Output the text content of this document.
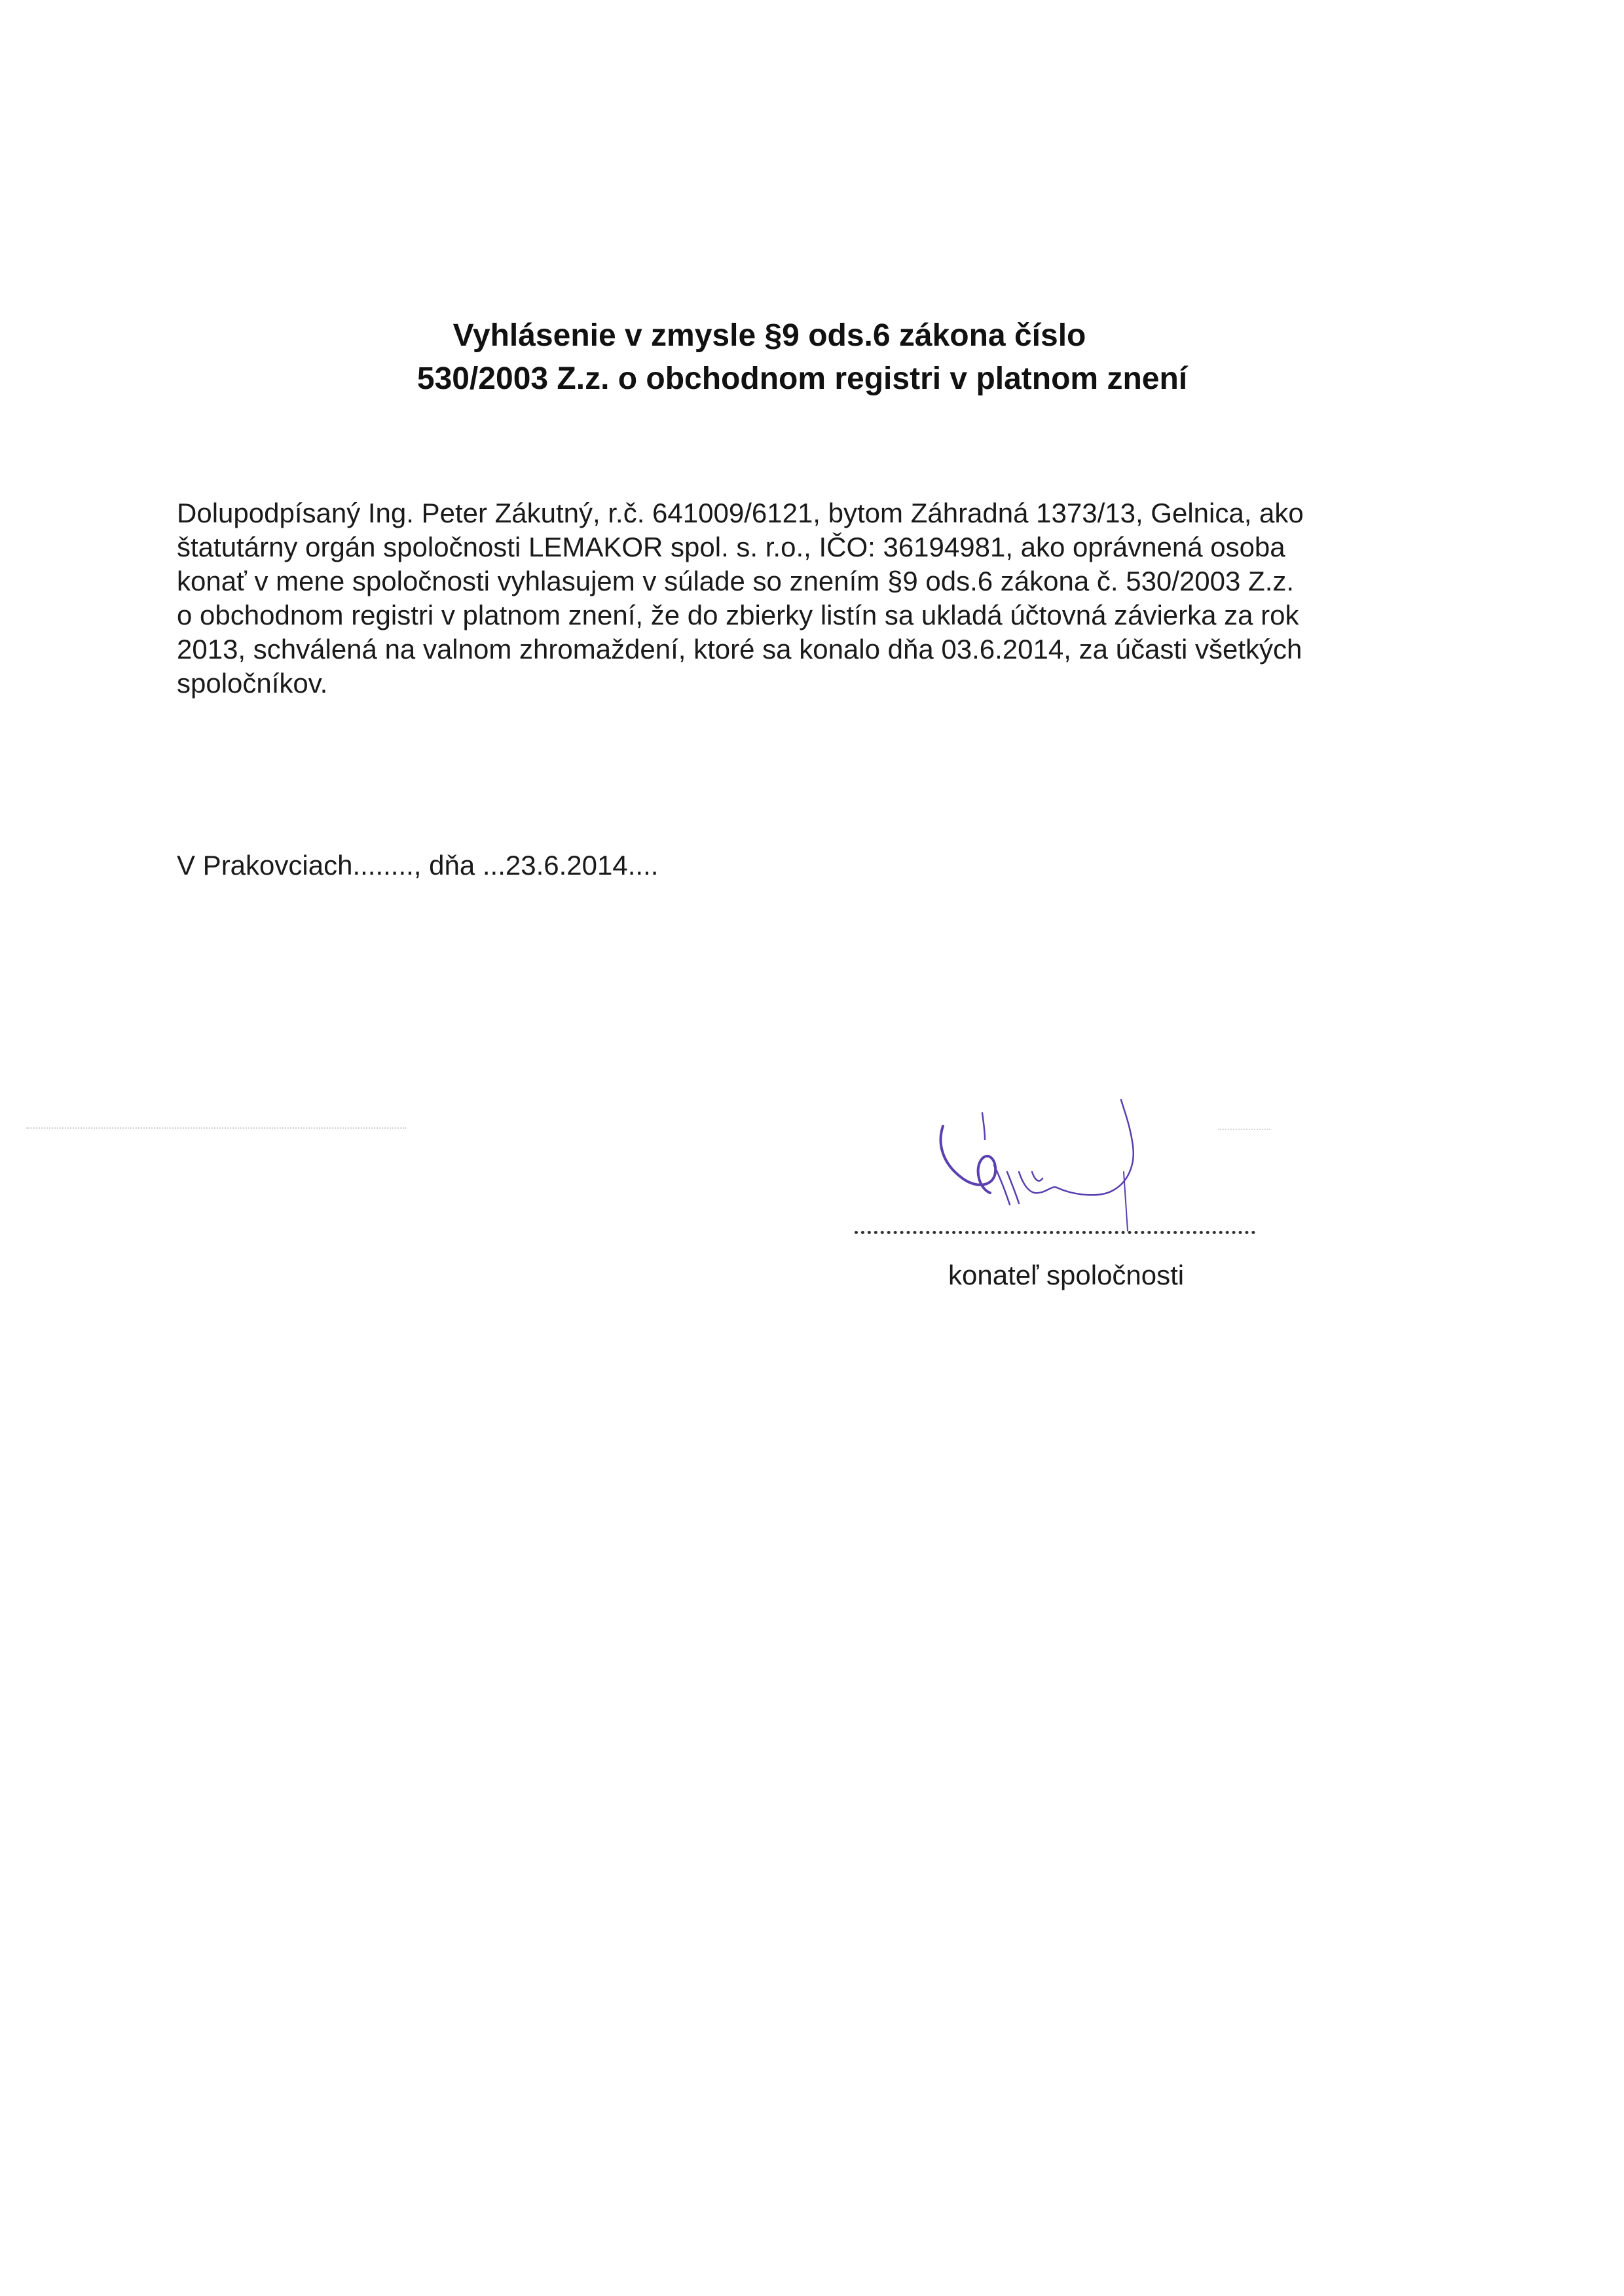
Vyhlásenie v zmysle §9 ods.6 zákona číslo
530/2003 Z.z. o obchodnom registri v platnom znení
Dolupodpísaný Ing. Peter Zákutný, r.č. 641009/6121, bytom Záhradná 1373/13, Gelnica, ako
štatutárny orgán spoločnosti LEMAKOR spol. s. r.o., IČO: 36194981, ako oprávnená osoba
konať v mene spoločnosti vyhlasujem v súlade so znením §9 ods.6 zákona č. 530/2003 Z.z.
o obchodnom registri v platnom znení, že do zbierky listín sa ukladá účtovná závierka za rok
2013, schválená na valnom zhromaždení, ktoré sa konalo dňa 03.6.2014, za účasti všetkých
spoločníkov.
V Prakovciach........, dňa ...23.6.2014....
konateľ spoločnosti
